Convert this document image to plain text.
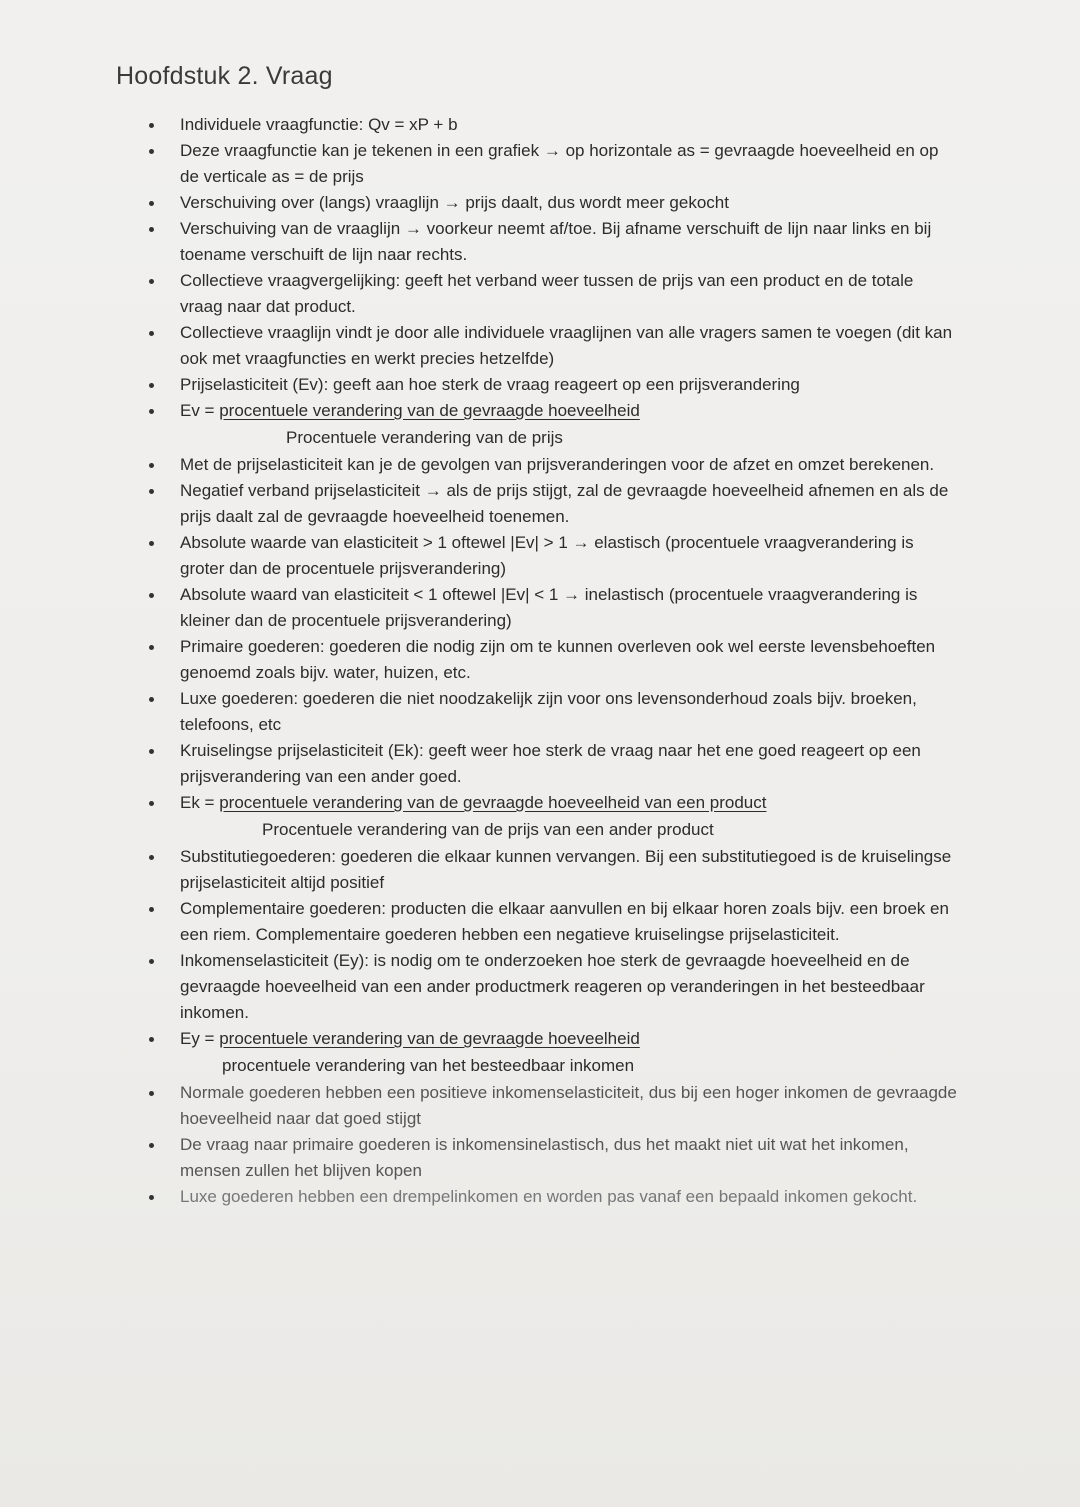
Hoofdstuk 2. Vraag
Individuele vraagfunctie: Qv = xP + b
Deze vraagfunctie kan je tekenen in een grafiek → op horizontale as = gevraagde hoeveelheid en op de verticale as = de prijs
Verschuiving over (langs) vraaglijn → prijs daalt, dus wordt meer gekocht
Verschuiving van de vraaglijn → voorkeur neemt af/toe. Bij afname verschuift de lijn naar links en bij toename verschuift de lijn naar rechts.
Collectieve vraagvergelijking: geeft het verband weer tussen de prijs van een product en de totale vraag naar dat product.
Collectieve vraaglijn vindt je door alle individuele vraaglijnen van alle vragers samen te voegen (dit kan ook met vraagfuncties en werkt precies hetzelfde)
Prijselasticiteit (Ev): geeft aan hoe sterk de vraag reageert op een prijsverandering
Ev = procentuele verandering van de gevraagde hoeveelheid
Procentuele verandering van de prijs
Met de prijselasticiteit kan je de gevolgen van prijsveranderingen voor de afzet en omzet berekenen.
Negatief verband prijselasticiteit → als de prijs stijgt, zal de gevraagde hoeveelheid afnemen en als de prijs daalt zal de gevraagde hoeveelheid toenemen.
Absolute waarde van elasticiteit > 1 oftewel |Ev| > 1 → elastisch (procentuele vraagverandering is groter dan de procentuele prijsverandering)
Absolute waard van elasticiteit < 1 oftewel |Ev| < 1 → inelastisch (procentuele vraagverandering is kleiner dan de procentuele prijsverandering)
Primaire goederen: goederen die nodig zijn om te kunnen overleven ook wel eerste levensbehoeften genoemd zoals bijv. water, huizen, etc.
Luxe goederen: goederen die niet noodzakelijk zijn voor ons levensonderhoud zoals bijv. broeken, telefoons, etc
Kruiselingse prijselasticiteit (Ek): geeft weer hoe sterk de vraag naar het ene goed reageert op een prijsverandering van een ander goed.
Ek = procentuele verandering van de gevraagde hoeveelheid van een product
Procentuele verandering van de prijs van een ander product
Substitutiegoederen: goederen die elkaar kunnen vervangen. Bij een substitutiegoed is de kruiselingse prijselasticiteit altijd positief
Complementaire goederen: producten die elkaar aanvullen en bij elkaar horen zoals bijv. een broek en een riem. Complementaire goederen hebben een negatieve kruiselingse prijselasticiteit.
Inkomenselasticiteit (Ey): is nodig om te onderzoeken hoe sterk de gevraagde hoeveelheid en de gevraagde hoeveelheid van een ander productmerk reageren op veranderingen in het besteedbaar inkomen.
Ey = procentuele verandering van de gevraagde hoeveelheid
procentuele verandering van het besteedbaar inkomen
Normale goederen hebben een positieve inkomenselasticiteit, dus bij een hoger inkomen de gevraagde hoeveelheid naar dat goed stijgt
De vraag naar primaire goederen is inkomensinelastisch, dus het maakt niet uit wat het inkomen, mensen zullen het blijven kopen
Luxe goederen hebben een drempelinkomen en worden pas vanaf een bepaald inkomen gekocht.
